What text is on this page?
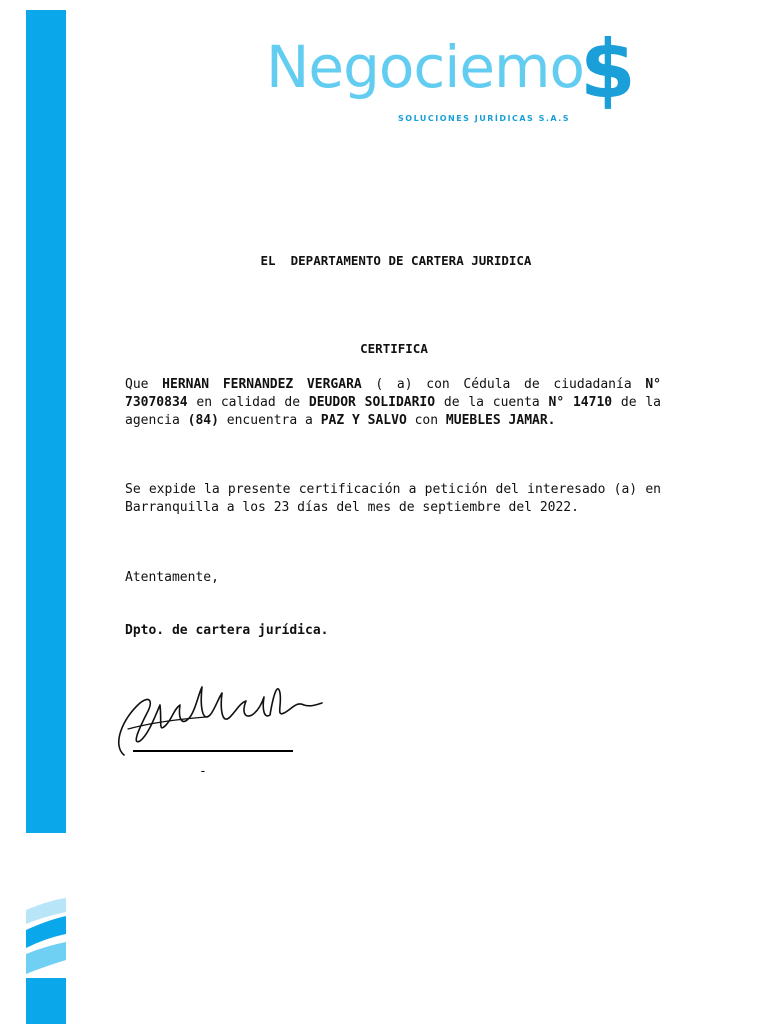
Negociemo
$
SOLUCIONES JURÍDICAS S.A.S
EL  DEPARTAMENTO DE CARTERA JURIDICA
CERTIFICA
Que HERNAN FERNANDEZ VERGARA ( a) con Cédula de ciudadanía N° 73070834 en calidad de DEUDOR SOLIDARIO de la cuenta N° 14710 de la agencia (84) encuentra a PAZ Y SALVO con MUEBLES JAMAR.
Se expide la presente certificación a petición del interesado (a) en Barranquilla a los 23 días del mes de septiembre del 2022.
Atentamente,
Dpto. de cartera jurídica.
-
